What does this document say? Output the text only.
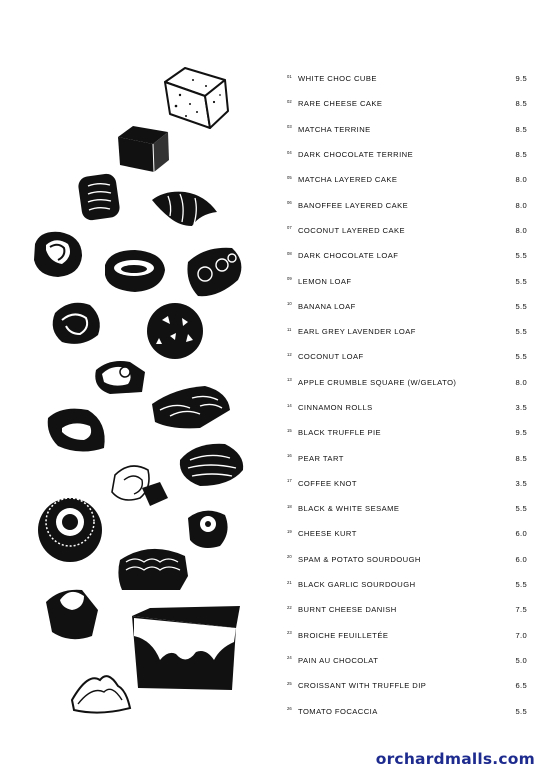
01 WHITE CHOC CUBE	9.5
02 RARE CHEESE CAKE	8.5
03 MATCHA TERRINE	8.5
04 DARK CHOCOLATE TERRINE	8.5
05 MATCHA LAYERED CAKE	8.0
06 BANOFFEE LAYERED CAKE	8.0
07 COCONUT LAYERED CAKE	8.0
08 DARK CHOCOLATE LOAF	5.5
09 LEMON LOAF	5.5
10 BANANA LOAF	5.5
11 EARL GREY LAVENDER LOAF	5.5
12 COCONUT LOAF	5.5
13 APPLE CRUMBLE SQUARE (W/GELATO)	8.0
14 CINNAMON ROLLS	3.5
15 BLACK TRUFFLE PIE	9.5
16 PEAR TART	8.5
17 COFFEE KNOT	3.5
18 BLACK & WHITE SESAME	5.5
19 CHEESE KURT	6.0
20 SPAM & POTATO SOURDOUGH	6.0
21 BLACK GARLIC SOURDOUGH	5.5
22 BURNT CHEESE DANISH	7.5
23 BROICHE FEUILLETÉE	7.0
24 PAIN AU CHOCOLAT	5.0
25 CROISSANT WITH TRUFFLE DIP	6.5
26 TOMATO FOCACCIA	5.5
orchardmalls.com
